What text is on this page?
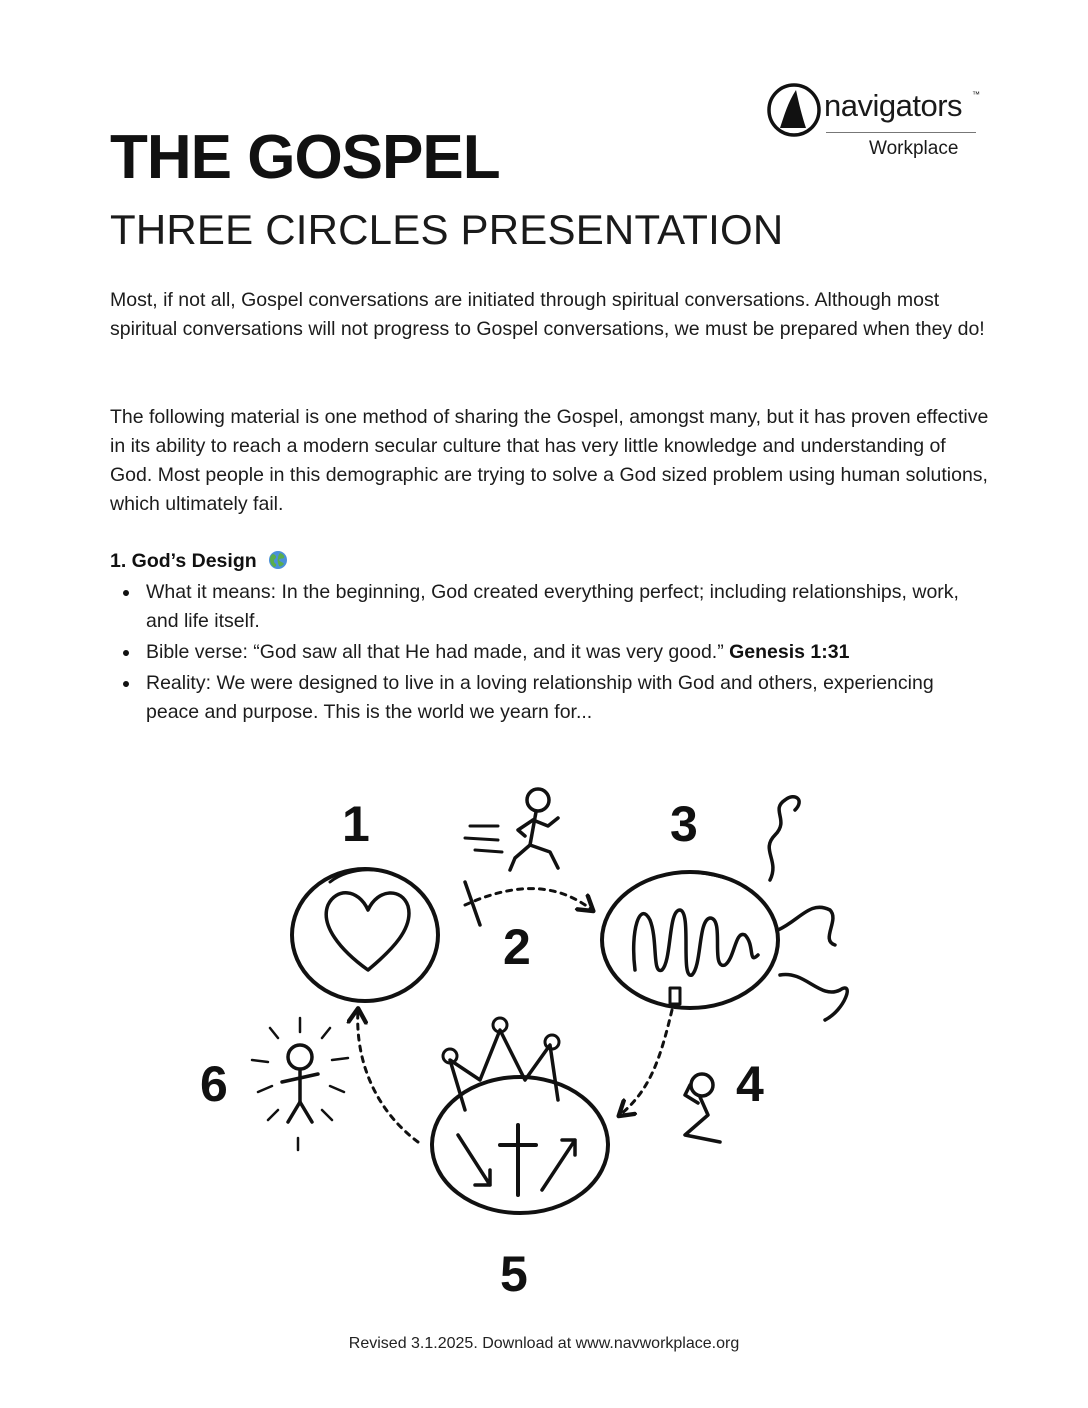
navigators ™
Workplace
THE GOSPEL
THREE CIRCLES PRESENTATION

Most, if not all, Gospel conversations are initiated through spiritual conversations. Although most spiritual conversations will not progress to Gospel conversations, we must be prepared when they do!

The following material is one method of sharing the Gospel, amongst many, but it has proven effective in its ability to reach a modern secular culture that has very little knowledge and understanding of God. Most people in this demographic are trying to solve a God sized problem using human solutions, which ultimately fail.

1. God’s Design
What it means: In the beginning, God created everything perfect; including relationships, work, and life itself.
Bible verse: “God saw all that He had made, and it was very good.” Genesis 1:31
Reality: We were designed to live in a loving relationship with God and others, experiencing peace and purpose. This is the world we yearn for...
1
2
3
4
5
6

Revised 3.1.2025. Download at www.navworkplace.org
